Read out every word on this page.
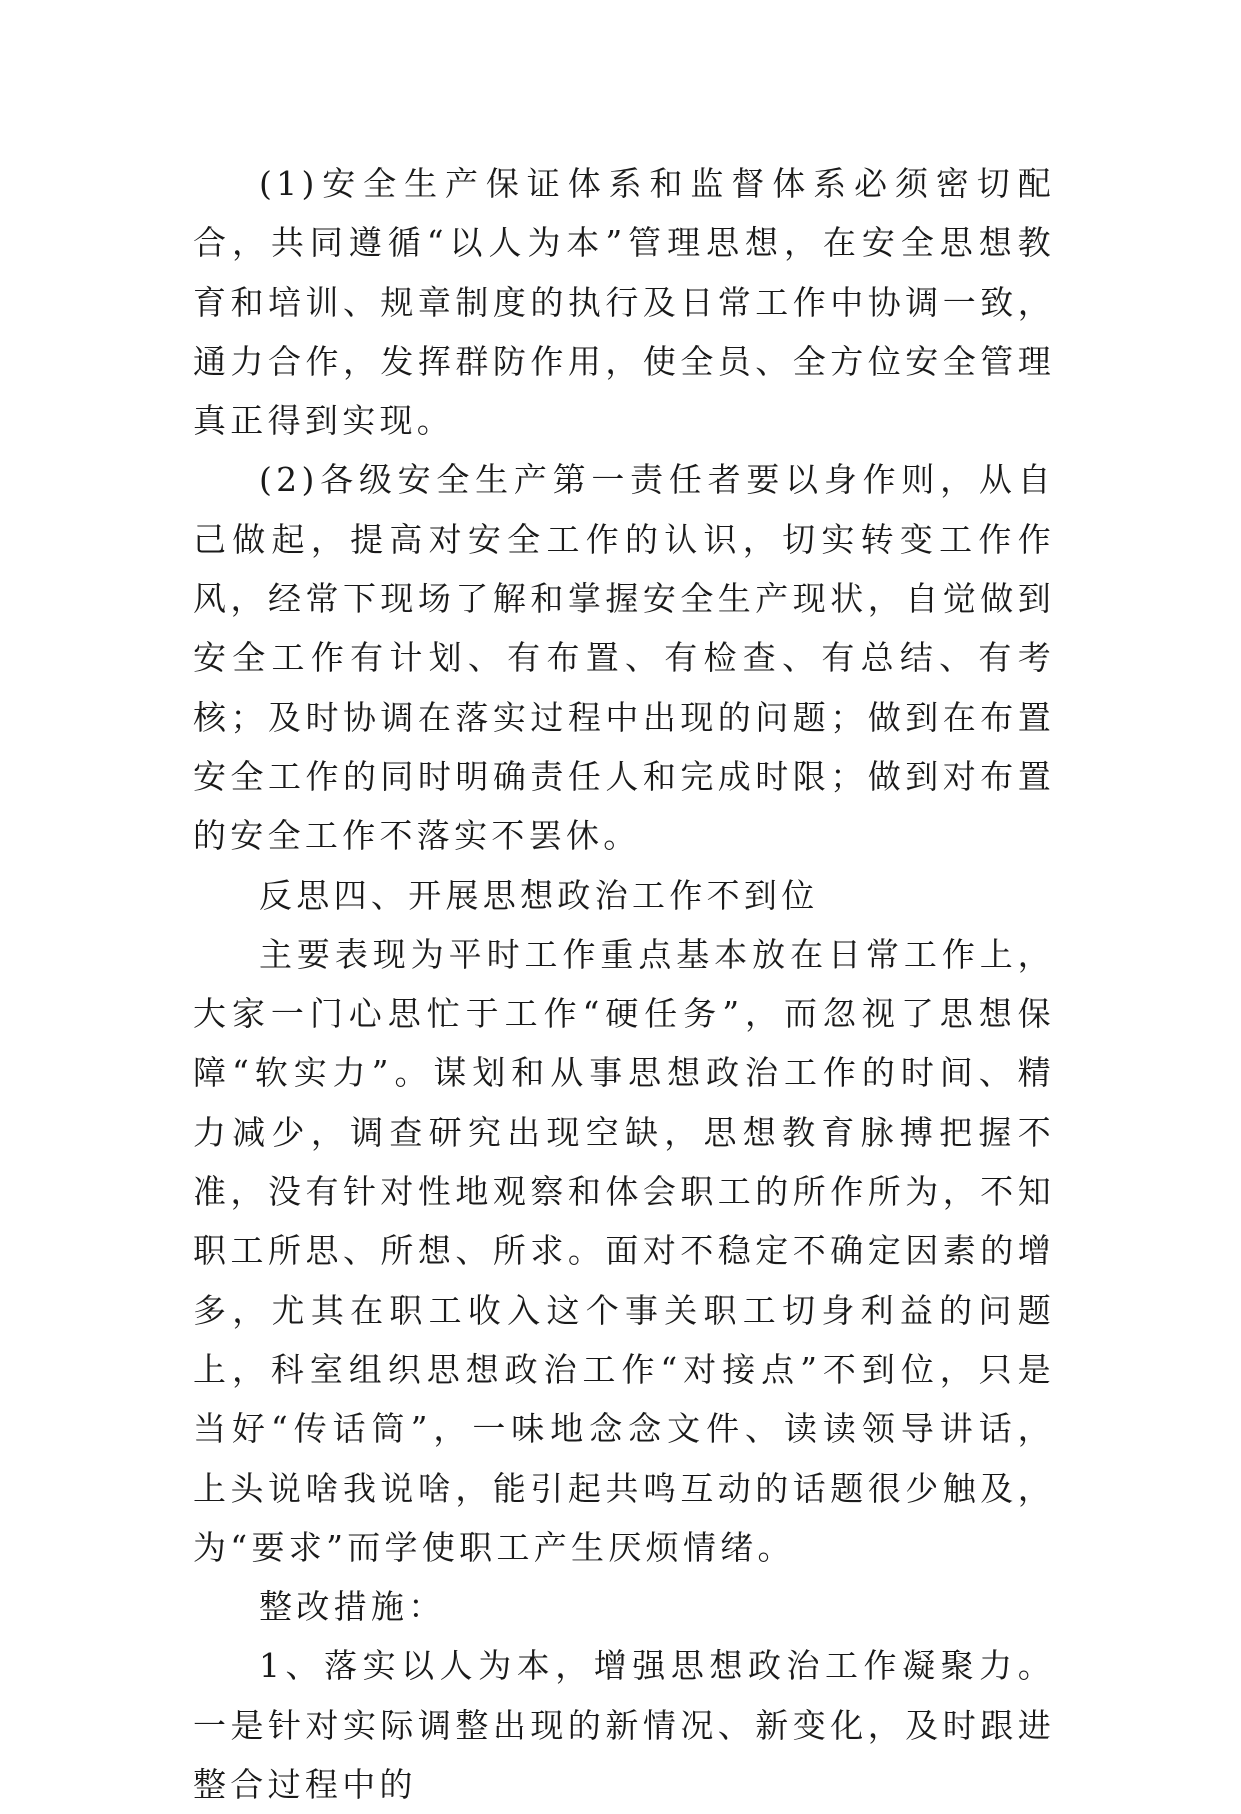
(1)安全生产保证体系和监督体系必须密切配合，共同遵循“以人为本”管理思想，在安全思想教育和培训、规章制度的执行及日常工作中协调一致，通力合作，发挥群防作用，使全员、全方位安全管理真正得到实现。

(2)各级安全生产第一责任者要以身作则，从自己做起，提高对安全工作的认识，切实转变工作作风，经常下现场了解和掌握安全生产现状，自觉做到安全工作有计划、有布置、有检查、有总结、有考核；及时协调在落实过程中出现的问题；做到在布置安全工作的同时明确责任人和完成时限；做到对布置的安全工作不落实不罢休。

反思四、开展思想政治工作不到位

主要表现为平时工作重点基本放在日常工作上，大家一门心思忙于工作“硬任务”，而忽视了思想保障“软实力”。谋划和从事思想政治工作的时间、精力减少，调查研究出现空缺，思想教育脉搏把握不准，没有针对性地观察和体会职工的所作所为，不知职工所思、所想、所求。面对不稳定不确定因素的增多，尤其在职工收入这个事关职工切身利益的问题上，科室组织思想政治工作“对接点”不到位，只是当好“传话筒”，一味地念念文件、读读领导讲话，上头说啥我说啥，能引起共鸣互动的话题很少触及，为“要求”而学使职工产生厌烦情绪。

整改措施：

1、落实以人为本，增强思想政治工作凝聚力。一是针对实际调整出现的新情况、新变化，及时跟进整合过程中的
